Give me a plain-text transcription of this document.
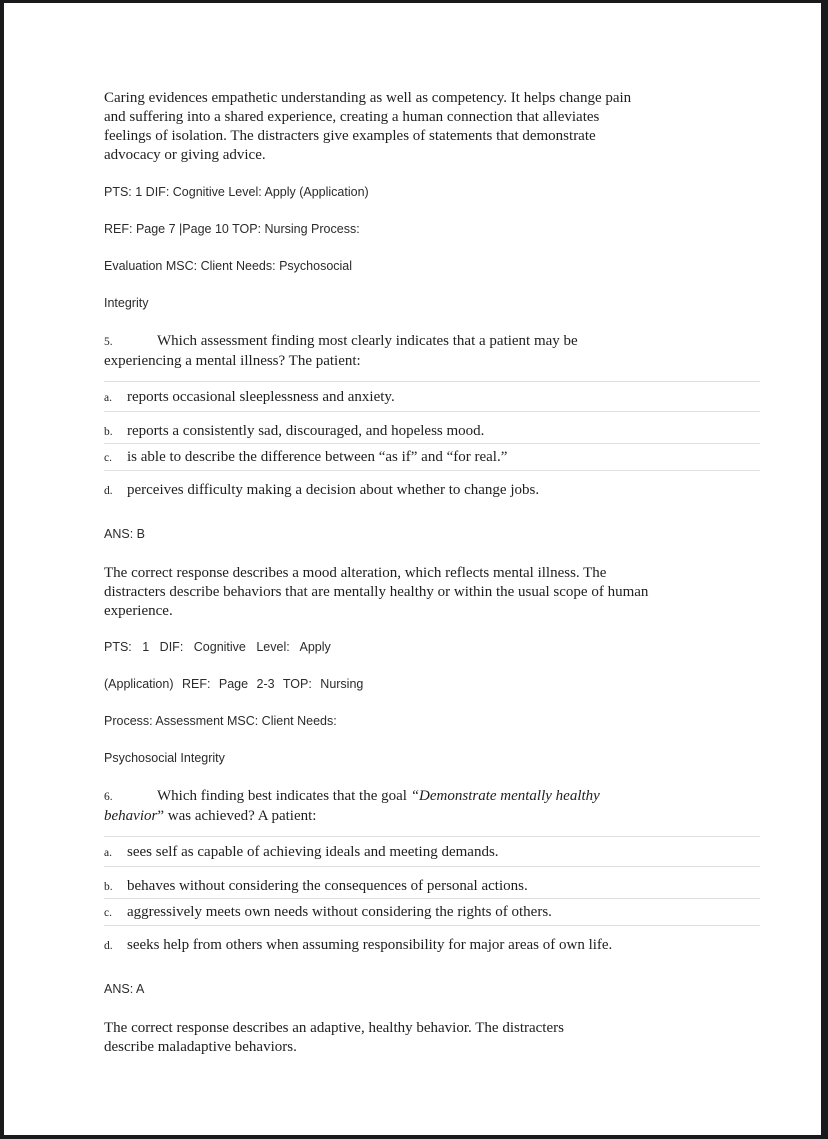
Caring evidences empathetic understanding as well as competency. It helps change pain
and suffering into a shared experience, creating a human connection that alleviates
feelings of isolation. The distracters give examples of statements that demonstrate
advocacy or giving advice.
PTS: 1 DIF: Cognitive Level: Apply (Application)
REF: Page 7 |Page 10 TOP: Nursing Process:
Evaluation MSC: Client Needs: Psychosocial
Integrity
5.	Which assessment finding most clearly indicates that a patient may be
experiencing a mental illness? The patient:
a. reports occasional sleeplessness and anxiety.
b. reports a consistently sad, discouraged, and hopeless mood.
c. is able to describe the difference between “as if” and “for real.”
d. perceives difficulty making a decision about whether to change jobs.
ANS: B
The correct response describes a mood alteration, which reflects mental illness. The
distracters describe behaviors that are mentally healthy or within the usual scope of human
experience.
PTS: 1 DIF: Cognitive Level: Apply
(Application) REF: Page 2-3 TOP: Nursing
Process: Assessment MSC: Client Needs:
Psychosocial Integrity
6.	Which finding best indicates that the goal “Demonstrate mentally healthy
behavior” was achieved? A patient:
a. sees self as capable of achieving ideals and meeting demands.
b. behaves without considering the consequences of personal actions.
c. aggressively meets own needs without considering the rights of others.
d. seeks help from others when assuming responsibility for major areas of own life.
ANS: A
The correct response describes an adaptive, healthy behavior. The distracters
describe maladaptive behaviors.
